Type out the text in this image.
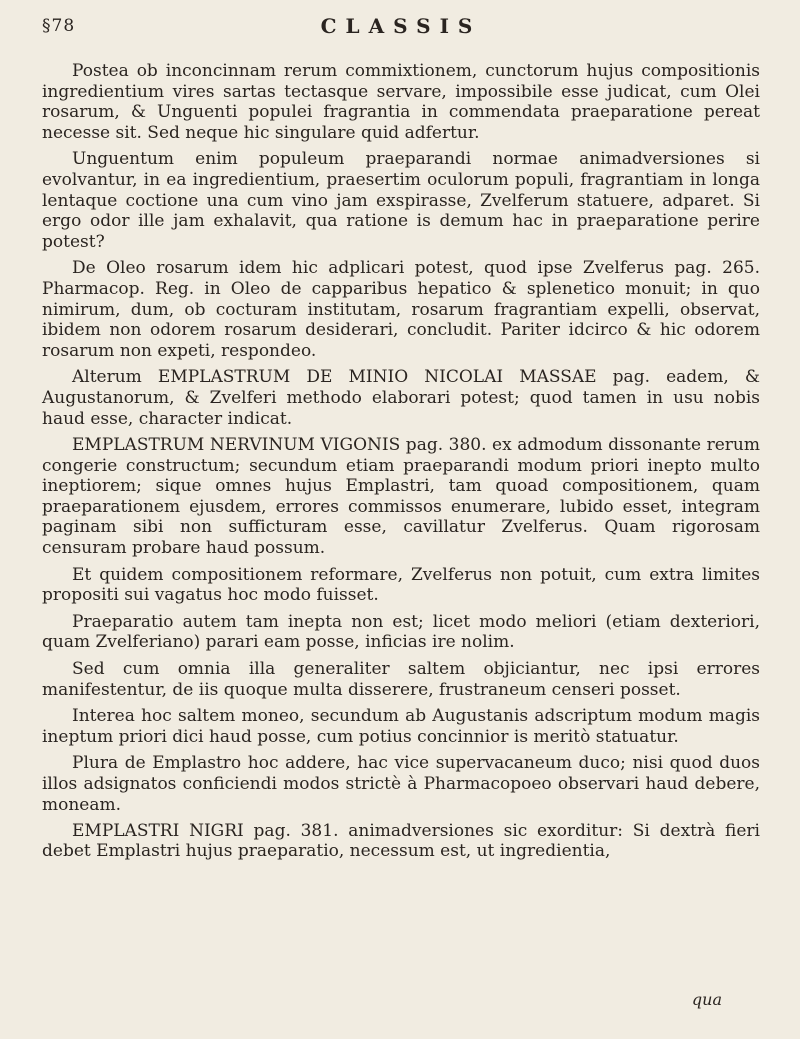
§78	CLASSIS

Postea ob inconcinnam rerum commixtionem, cunctorum hujus compositionis ingredientium vires sartas tectasque servare, impossibile esse judicat, cum Olei rosarum, & Unguenti populei fragrantia in commendata praeparatione pereat necesse sit. Sed neque hic singulare quid adfertur.

Unguentum enim populeum praeparandi normae animadversiones si evolvantur, in ea ingredientium, praesertim oculorum populi, fragrantiam in longa lentaque coctione una cum vino jam exspirasse, Zvelferum statuere, adparet. Si ergo odor ille jam exhalavit, qua ratione is demum hac in praeparatione perire potest?

De Oleo rosarum idem hic adplicari potest, quod ipse Zvelferus pag. 265. Pharmacop. Reg. in Oleo de capparibus hepatico & splenetico monuit; in quo nimirum, dum, ob cocturam institutam, rosarum fragrantiam expelli, observat, ibidem non odorem rosarum desiderari, concludit. Pariter idcirco & hic odorem rosarum non expeti, respondeo.

Alterum EMPLASTRUM DE MINIO NICOLAI MASSAE pag. eadem, & Augustanorum, & Zvelferi methodo elaborari potest; quod tamen in usu nobis haud esse, character indicat.

EMPLASTRUM NERVINUM VIGONIS pag. 380. ex admodum dissonante rerum congerie constructum; secundum etiam praeparandi modum priori inepto multo ineptiorem; sique omnes hujus Emplastri, tam quoad compositionem, quam praeparationem ejusdem, errores commissos enumerare, lubido esset, integram paginam sibi non sufficturam esse, cavillatur Zvelferus. Quam rigorosam censuram probare haud possum.

Et quidem compositionem reformare, Zvelferus non potuit, cum extra limites propositi sui vagatus hoc modo fuisset.

Praeparatio autem tam inepta non est; licet modo meliori (etiam dexteriori, quam Zvelferiano) parari eam posse, inficias ire nolim.

Sed cum omnia illa generaliter saltem objiciantur, nec ipsi errores manifestentur, de iis quoque multa disserere, frustraneum censeri posset.

Interea hoc saltem moneo, secundum ab Augustanis adscriptum modum magis ineptum priori dici haud posse, cum potius concinnior is meritò statuatur.

Plura de Emplastro hoc addere, hac vice supervacaneum duco; nisi quod duos illos adsignatos conficiendi modos strictè à Pharmacopoeo observari haud debere, moneam.

EMPLASTRI NIGRI pag. 381. animadversiones sic exorditur: Si dextrà fieri debet Emplastri hujus praeparatio, necessum est, ut ingredientia,

qua
